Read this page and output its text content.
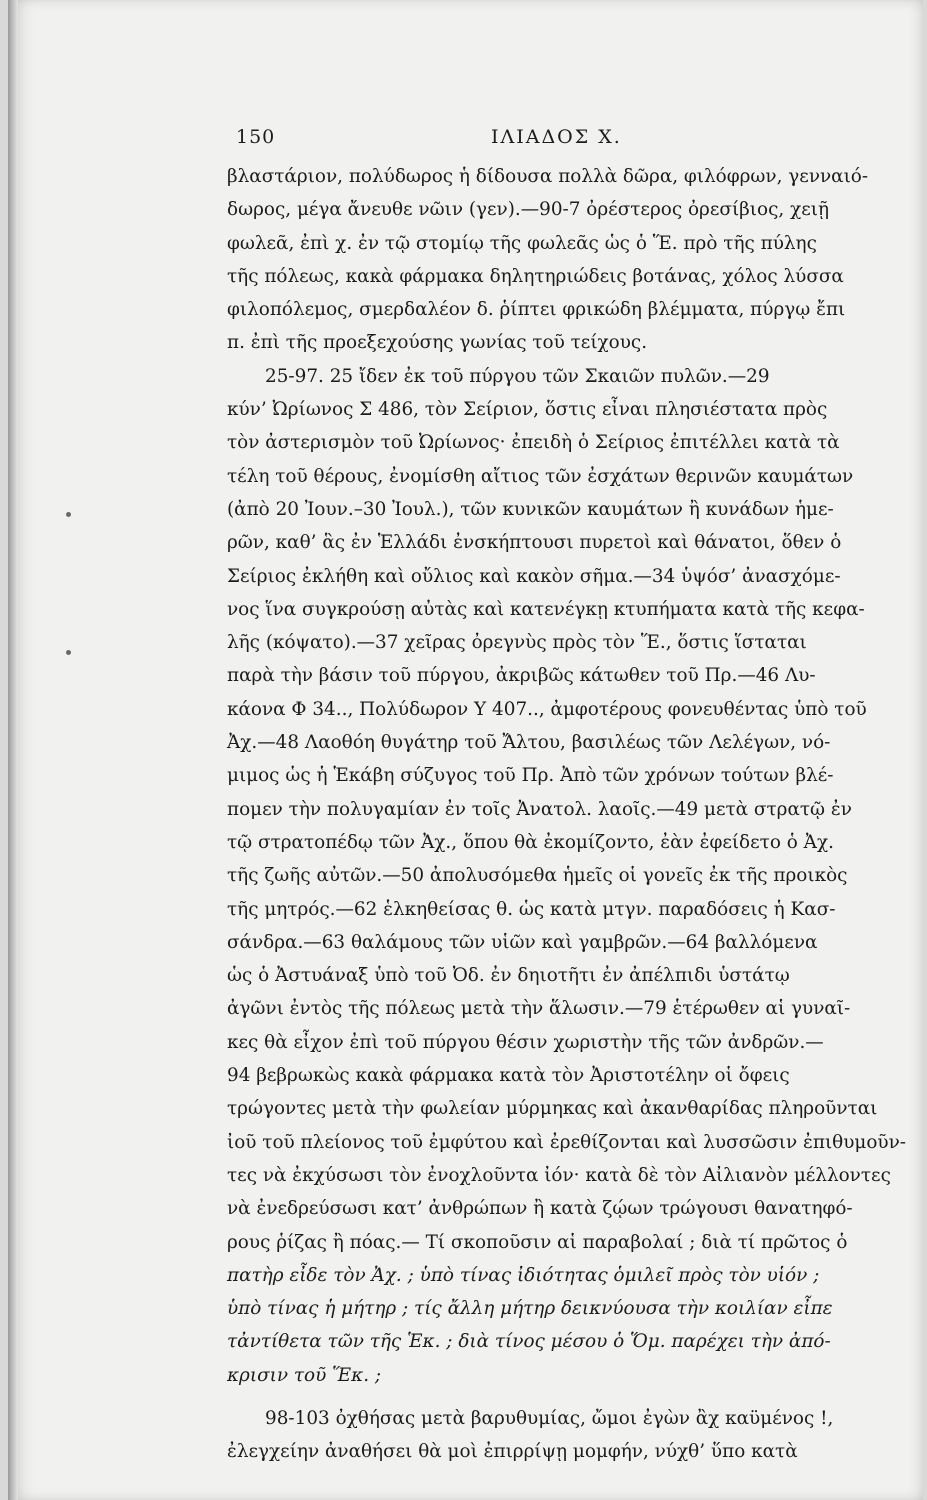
150	ΙΛΙΑΔΟΣ Χ.
βλαστάριον, πολύδωρος ἡ δίδουσα πολλὰ δῶρα, φιλόφρων, γενναιό-
δωρος, μέγα ἄνευθε νῶιν (γεν).—90-7 ὀρέστερος ὀρεσίβιος, χειῇ
φωλεᾶ, ἐπὶ χ. ἐν τῷ στομίῳ τῆς φωλεᾶς ὡς ὁ Ἕ. πρὸ τῆς πύλης
τῆς πόλεως, κακὰ φάρμακα δηλητηριώδεις βοτάνας, χόλος λύσσα
φιλοπόλεμος, σμερδαλέον δ. ῥίπτει φρικώδη βλέμματα, πύργῳ ἔπι
π. ἐπὶ τῆς προεξεχούσης γωνίας τοῦ τείχους.
25-97. 25 ἴδεν ἐκ τοῦ πύργου τῶν Σκαιῶν πυλῶν.—29
κύν’ Ὠρίωνος Σ 486, τὸν Σείριον, ὅστις εἶναι πλησιέστατα πρὸς
τὸν ἀστερισμὸν τοῦ Ὠρίωνος· ἐπειδὴ ὁ Σείριος ἐπιτέλλει κατὰ τὰ
τέλη τοῦ θέρους, ἐνομίσθη αἴτιος τῶν ἐσχάτων θερινῶν καυμάτων
(ἀπὸ 20 Ἰουν.–30 Ἰουλ.), τῶν κυνικῶν καυμάτων ἢ κυνάδων ἡμε-
ρῶν, καθ’ ἃς ἐν Ἑλλάδι ἐνσκήπτουσι πυρετοὶ καὶ θάνατοι, ὅθεν ὁ
Σείριος ἐκλήθη καὶ οὔλιος καὶ κακὸν σῆμα.—34 ὑψόσ’ ἀνασχόμε-
νος ἵνα συγκρούσῃ αὐτὰς καὶ κατενέγκῃ κτυπήματα κατὰ τῆς κεφα-
λῆς (κόψατο).—37 χεῖρας ὀρεγνὺς πρὸς τὸν Ἕ., ὅστις ἵσταται
παρὰ τὴν βάσιν τοῦ πύργου, ἀκριβῶς κάτωθεν τοῦ Πρ.—46 Λυ-
κάονα Φ 34.., Πολύδωρον Υ 407.., ἀμφοτέρους φονευθέντας ὑπὸ τοῦ
Ἀχ.—48 Λαοθόη θυγάτηρ τοῦ Ἄλτου, βασιλέως τῶν Λελέγων, νό-
μιμος ὡς ἡ Ἑκάβη σύζυγος τοῦ Πρ. Ἀπὸ τῶν χρόνων τούτων βλέ-
πομεν τὴν πολυγαμίαν ἐν τοῖς Ἀνατολ. λαοῖς.—49 μετὰ στρατῷ ἐν
τῷ στρατοπέδῳ τῶν Ἀχ., ὅπου θὰ ἐκομίζοντο, ἐὰν ἐφείδετο ὁ Ἀχ.
τῆς ζωῆς αὐτῶν.—50 ἀπολυσόμεθα ἡμεῖς οἱ γονεῖς ἐκ τῆς προικὸς
τῆς μητρός.—62 ἑλκηθείσας θ. ὡς κατὰ μτγν. παραδόσεις ἡ Κασ-
σάνδρα.—63 θαλάμους τῶν υἱῶν καὶ γαμβρῶν.—64 βαλλόμενα
ὡς ὁ Ἀστυάναξ ὑπὸ τοῦ Ὀδ. ἐν δηιοτῆτι ἐν ἀπέλπιδι ὑστάτῳ
ἀγῶνι ἐντὸς τῆς πόλεως μετὰ τὴν ἅλωσιν.—79 ἑτέρωθεν αἱ γυναῖ-
κες θὰ εἶχον ἐπὶ τοῦ πύργου θέσιν χωριστὴν τῆς τῶν ἀνδρῶν.—
94 βεβρωκὼς κακὰ φάρμακα κατὰ τὸν Ἀριστοτέλην οἱ ὄφεις
τρώγοντες μετὰ τὴν φωλείαν μύρμηκας καὶ ἀκανθαρίδας πληροῦνται
ἰοῦ τοῦ πλείονος τοῦ ἐμφύτου καὶ ἐρεθίζονται καὶ λυσσῶσιν ἐπιθυμοῦν-
τες νὰ ἐκχύσωσι τὸν ἐνοχλοῦντα ἰόν· κατὰ δὲ τὸν Αἰλιανὸν μέλλοντες
νὰ ἐνεδρεύσωσι κατ’ ἀνθρώπων ἢ κατὰ ζῴων τρώγουσι θανατηφό-
ρους ῥίζας ἢ πόας.— Τί σκοποῦσιν αἱ παραβολαί ; διὰ τί πρῶτος ὁ
πατὴρ εἶδε τὸν Ἀχ. ; ὑπὸ τίνας ἰδιότητας ὁμιλεῖ πρὸς τὸν υἱόν ;
ὑπὸ τίνας ἡ μήτηρ ; τίς ἄλλη μήτηρ δεικνύουσα τὴν κοιλίαν εἶπε
τἀντίθετα τῶν τῆς Ἑκ. ; διὰ τίνος μέσου ὁ Ὅμ. παρέχει τὴν ἀπό-
κρισιν τοῦ Ἕκ. ;
98-103 ὀχθήσας μετὰ βαρυθυμίας, ὤμοι ἐγὼν ἂχ καϋμένος !,
ἐλεγχείην ἀναθήσει θὰ μοὶ ἐπιρρίψῃ μομφήν, νύχθ’ ὕπο κατὰ
